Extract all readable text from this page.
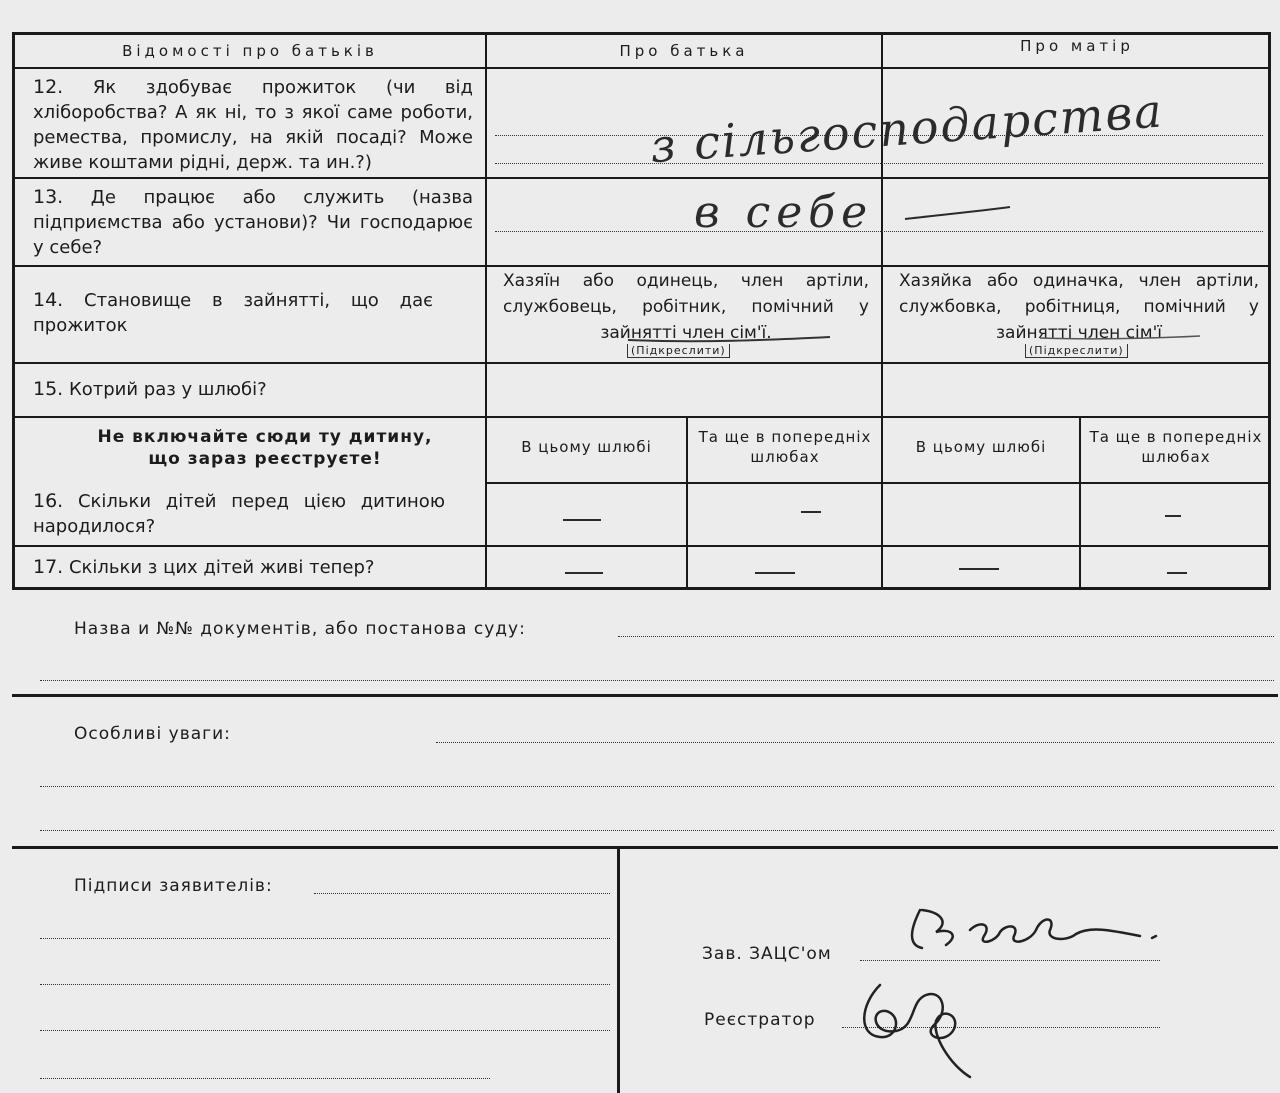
Відомості про батьків	Про батька	Про матір
12. Як здобуває прожиток (чи від хліборобства? А як ні, то з якої саме роботи, ремества, промислу, на якій посаді? Може живе коштами рідні, держ. та ин.?)
13. Де працює або служить (назва підприємства або установи)? Чи господарює у себе?
14. Становище в зайнятті, що дає прожиток
Хазяїн або одинець, член артіли, службовець, робітник, помічний у зайнятті член сім'ї.
(Підкреслити)
Хазяйка або одиначка, член артіли, службовка, робітниця, помічний у зайнятті член сім'ї
(Підкреслити)
15. Котрий раз у шлюбі?
Не включайте сюди ту дитину, що зараз реєструєте!
В цьому шлюбі
Та ще в попередніх шлюбах
В цьому шлюбі
Та ще в попередніх шлюбах
16. Скільки дітей перед цією дитиною народилося?
17. Скільки з цих дітей живі тепер?
Назва и №№ документів, або постанова суду:
Особливі уваги:
Підписи заявителів:
Зав. ЗАЦС'ом
Реєстратор
з сільгосподарства
в себе
